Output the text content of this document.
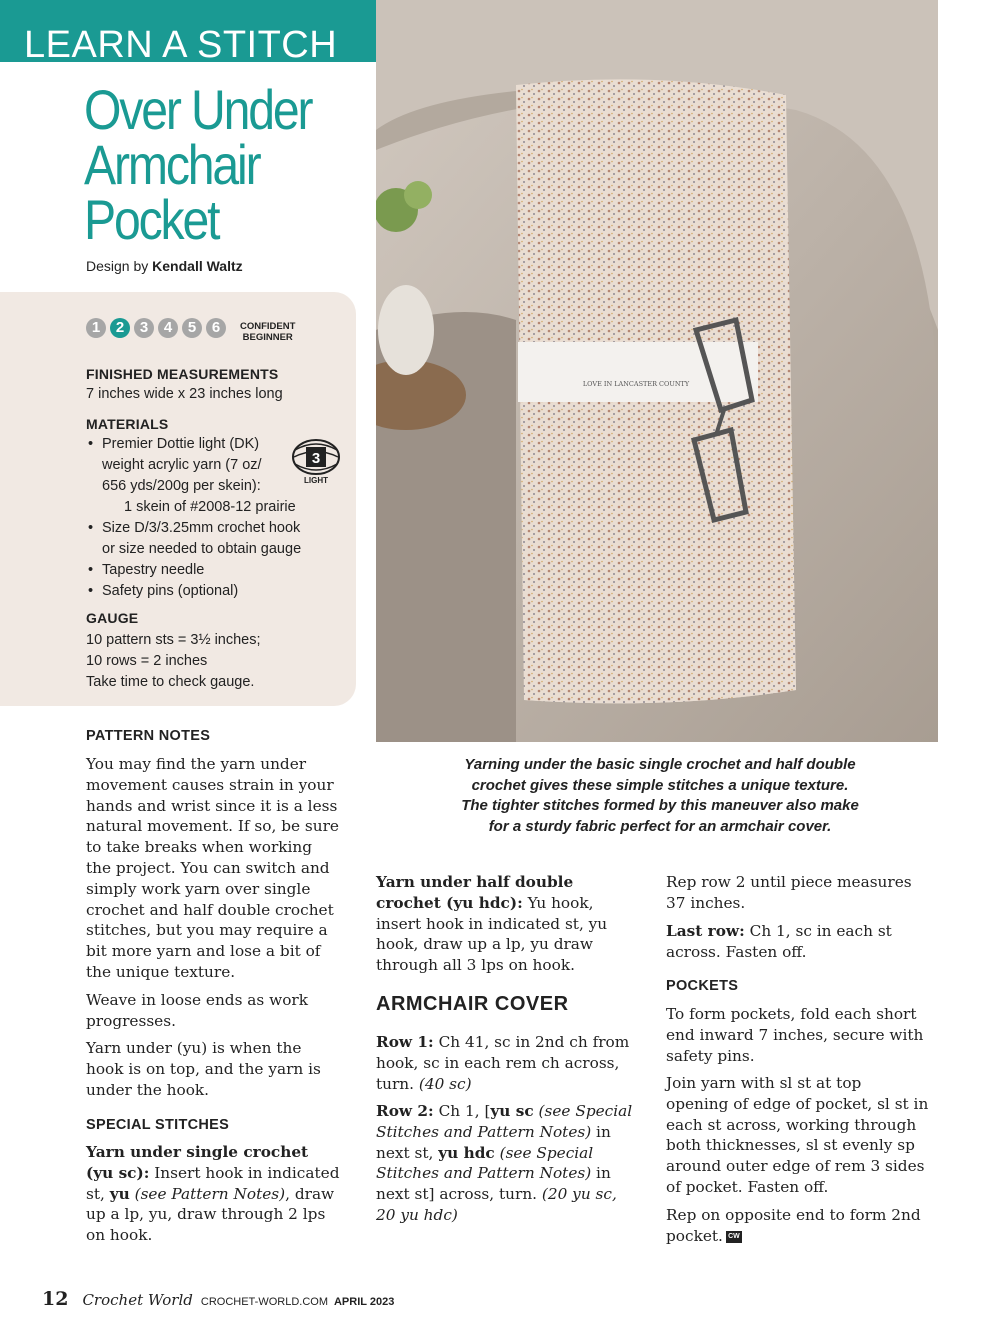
LEARN A STITCH
Over Under
Armchair
Pocket
Design by Kendall Waltz
LOVE IN LANCASTER COUNTY
1	2	3	4	5	6	CONFIDENT
BEGINNER
FINISHED MEASUREMENTS
7 inches wide x 23 inches long
MATERIALS
• Premier Dottie light (DK)
weight acrylic yarn (7 oz/
656 yds/200g per skein):
1 skein of #2008-12 prairie
• Size D/3/3.25mm crochet hook
or size needed to obtain gauge
• Tapestry needle
• Safety pins (optional)
3
LIGHT
GAUGE
10 pattern sts = 3½ inches;
10 rows = 2 inches
Take time to check gauge.
Yarning under the basic single crochet and half double
crochet gives these simple stitches a unique texture.
The tighter stitches formed by this maneuver also make
for a sturdy fabric perfect for an armchair cover.
PATTERN NOTES
You may find the yarn under
movement causes strain in your
hands and wrist since it is a less
natural movement. If so, be sure
to take breaks when working
the project. You can switch and
simply work yarn over single
crochet and half double crochet
stitches, but you may require a
bit more yarn and lose a bit of
the unique texture.
Weave in loose ends as work
progresses.
Yarn under (yu) is when the
hook is on top, and the yarn is
under the hook.
SPECIAL STITCHES
Yarn under single crochet
(yu sc): Insert hook in indicated
st, yu (see Pattern Notes), draw
up a lp, yu, draw through 2 lps
on hook.
Yarn under half double
crochet (yu hdc): Yu hook,
insert hook in indicated st, yu
hook, draw up a lp, yu draw
through all 3 lps on hook.
ARMCHAIR COVER
Row 1: Ch 41, sc in 2nd ch from
hook, sc in each rem ch across,
turn. (40 sc)
Row 2: Ch 1, [yu sc (see Special
Stitches and Pattern Notes) in
next st, yu hdc (see Special
Stitches and Pattern Notes) in
next st] across, turn. (20 yu sc,
20 yu hdc)
Rep row 2 until piece measures
37 inches.
Last row: Ch 1, sc in each st
across. Fasten off.
POCKETS
To form pockets, fold each short
end inward 7 inches, secure with
safety pins.
Join yarn with sl st at top
opening of edge of pocket, sl st in
each st across, working through
both thicknesses, sl st evenly sp
around outer edge of rem 3 sides
of pocket. Fasten off.
Rep on opposite end to form 2nd
pocket. CW
12 Crochet World CROCHET-WORLD.COM APRIL 2023
